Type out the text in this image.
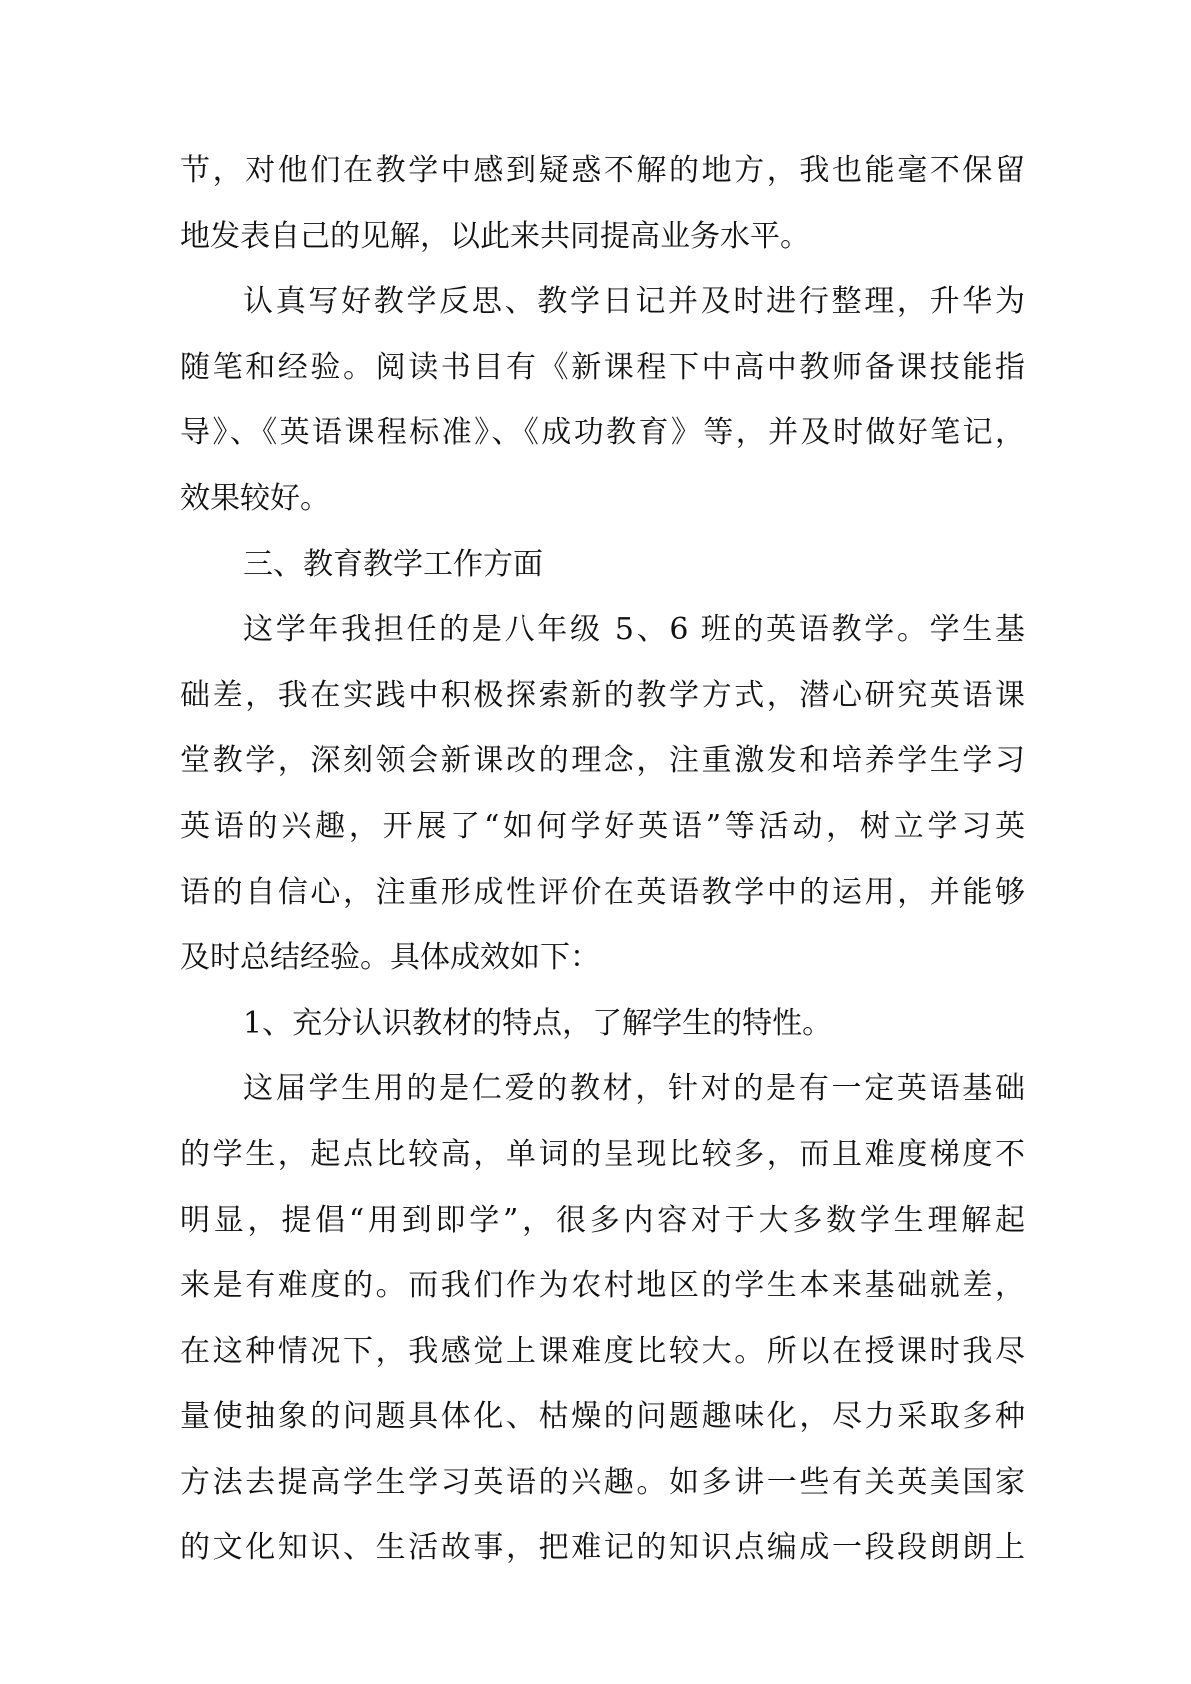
节，对他们在教学中感到疑惑不解的地方，我也能毫不保留
地发表自己的见解，以此来共同提高业务水平。
认真写好教学反思、教学日记并及时进行整理，升华为
随笔和经验。阅读书目有《新课程下中高中教师备课技能指
导》、《英语课程标准》、《成功教育》等，并及时做好笔记，
效果较好。
三、教育教学工作方面
这学年我担任的是八年级 5、6 班的英语教学。学生基
础差，我在实践中积极探索新的教学方式，潜心研究英语课
堂教学，深刻领会新课改的理念，注重激发和培养学生学习
英语的兴趣，开展了“如何学好英语”等活动，树立学习英
语的自信心，注重形成性评价在英语教学中的运用，并能够
及时总结经验。具体成效如下：
1、充分认识教材的特点，了解学生的特性。
这届学生用的是仁爱的教材，针对的是有一定英语基础
的学生，起点比较高，单词的呈现比较多，而且难度梯度不
明显，提倡“用到即学”，很多内容对于大多数学生理解起
来是有难度的。而我们作为农村地区的学生本来基础就差，
在这种情况下，我感觉上课难度比较大。所以在授课时我尽
量使抽象的问题具体化、枯燥的问题趣味化，尽力采取多种
方法去提高学生学习英语的兴趣。如多讲一些有关英美国家
的文化知识、生活故事，把难记的知识点编成一段段朗朗上
